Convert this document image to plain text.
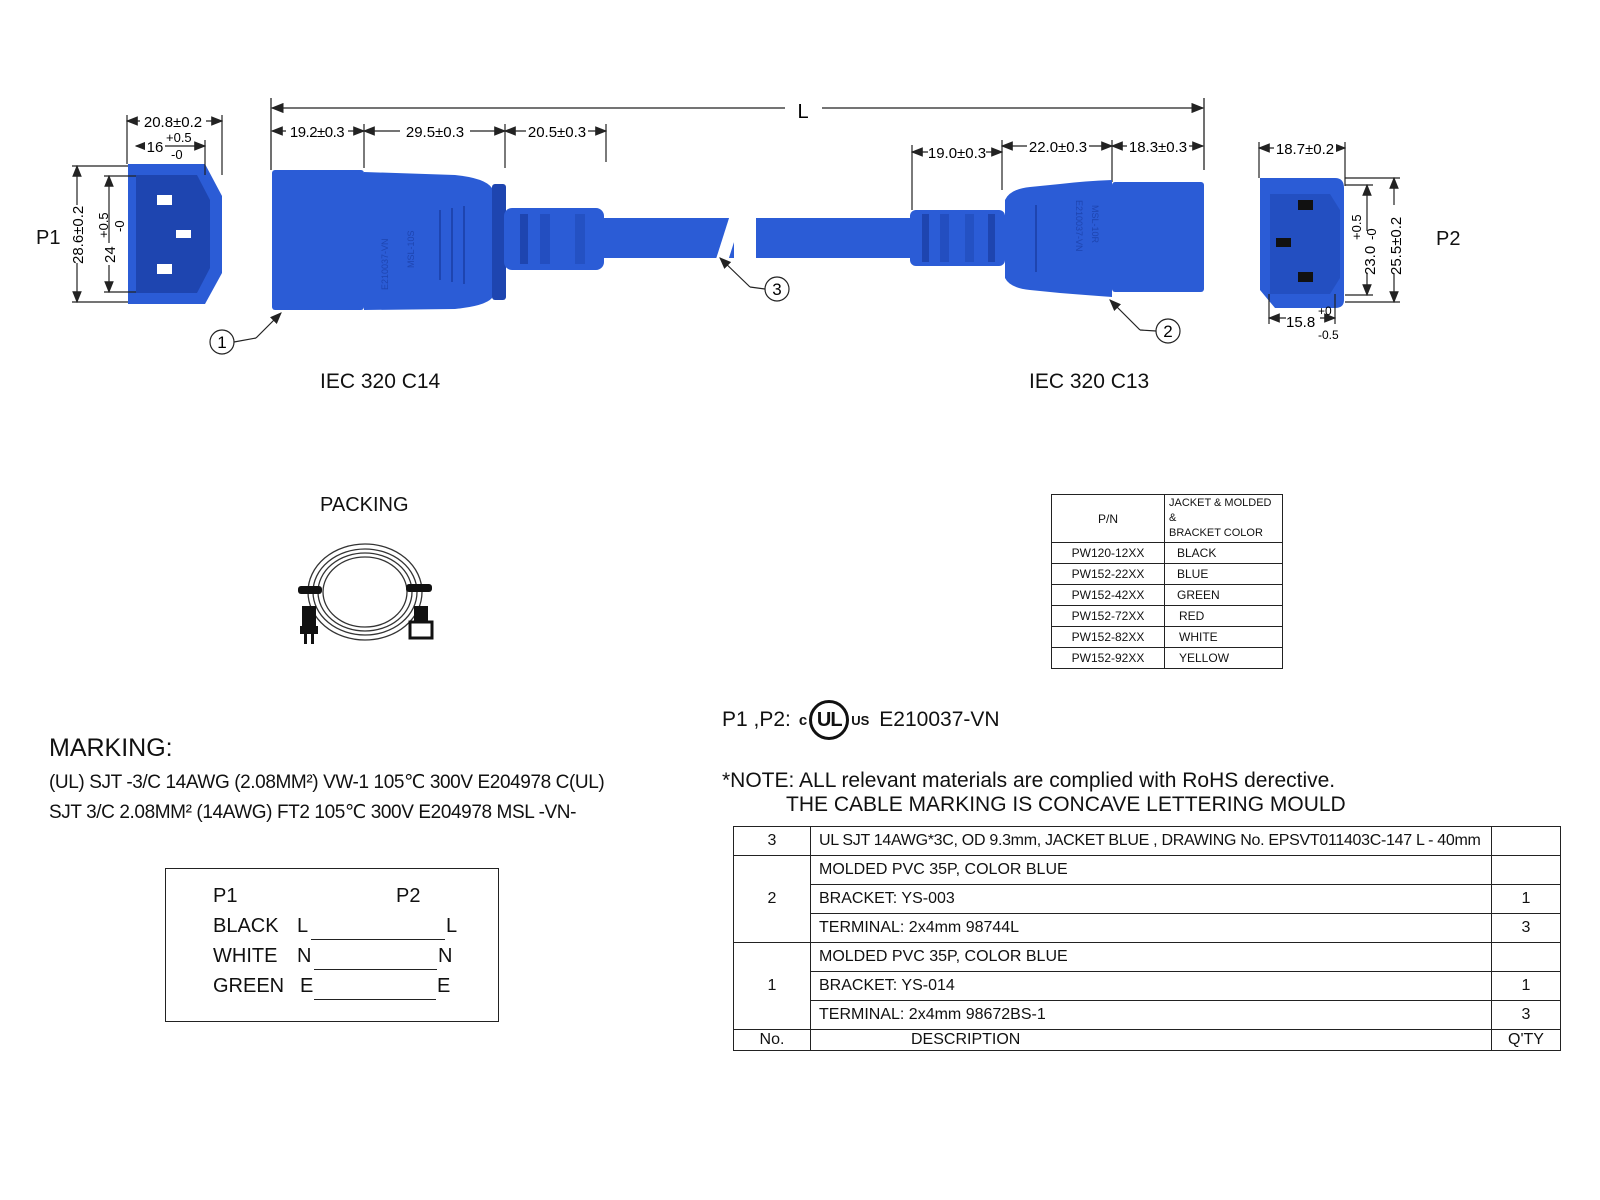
L
19.2±0.3	29.5±0.3	20.5±0.3
19.0±0.3	22.0±0.3	18.3±0.3
E210037-VN MSL-10S	E210037-VN MSL-10R
1
2
3
20.8±0.2
16
+0.5
-0
28.6±0.2 24
+0.5 -0
18.7±0.2
23.0
+0.5 -0 25.5±0.2
15.8
+0
-0.5
P1	P2
IEC 320 C14	IEC 320 C13
PACKING
P/N	JACKET & MOLDED &
BRACKET COLOR

PW120-12XX	BLACK
PW152-22XX	BLUE
PW152-42XX	GREEN
PW152-72XX	RED
PW152-82XX	WHITE
PW152-92XX	YELLOW
P1 ,P2: c UL US E210037-VN
MARKING:
(UL) SJT -3/C 14AWG (2.08MM²) VW-1 105℃ 300V E204978 C(UL)
SJT 3/C 2.08MM² (14AWG) FT2 105℃ 300V E204978 MSL -VN-
*NOTE: ALL relevant materials are complied with RoHS derective.
THE CABLE MARKING IS CONCAVE LETTERING MOULD
P1	P2
BLACK L	L
WHITE N	N
GREEN E	E
3	UL SJT 14AWG*3C, OD 9.3mm, JACKET BLUE , DRAWING No. EPSVT011403C-147 L - 40mm	
2	MOLDED PVC 35P, COLOR BLUE	
	BRACKET: YS-003	1
	TERMINAL: 2x4mm 98744L	3
1	MOLDED PVC 35P, COLOR BLUE	
	BRACKET: YS-014	1
	TERMINAL: 2x4mm 98672BS-1	3
No.	DESCRIPTION	Q'TY
